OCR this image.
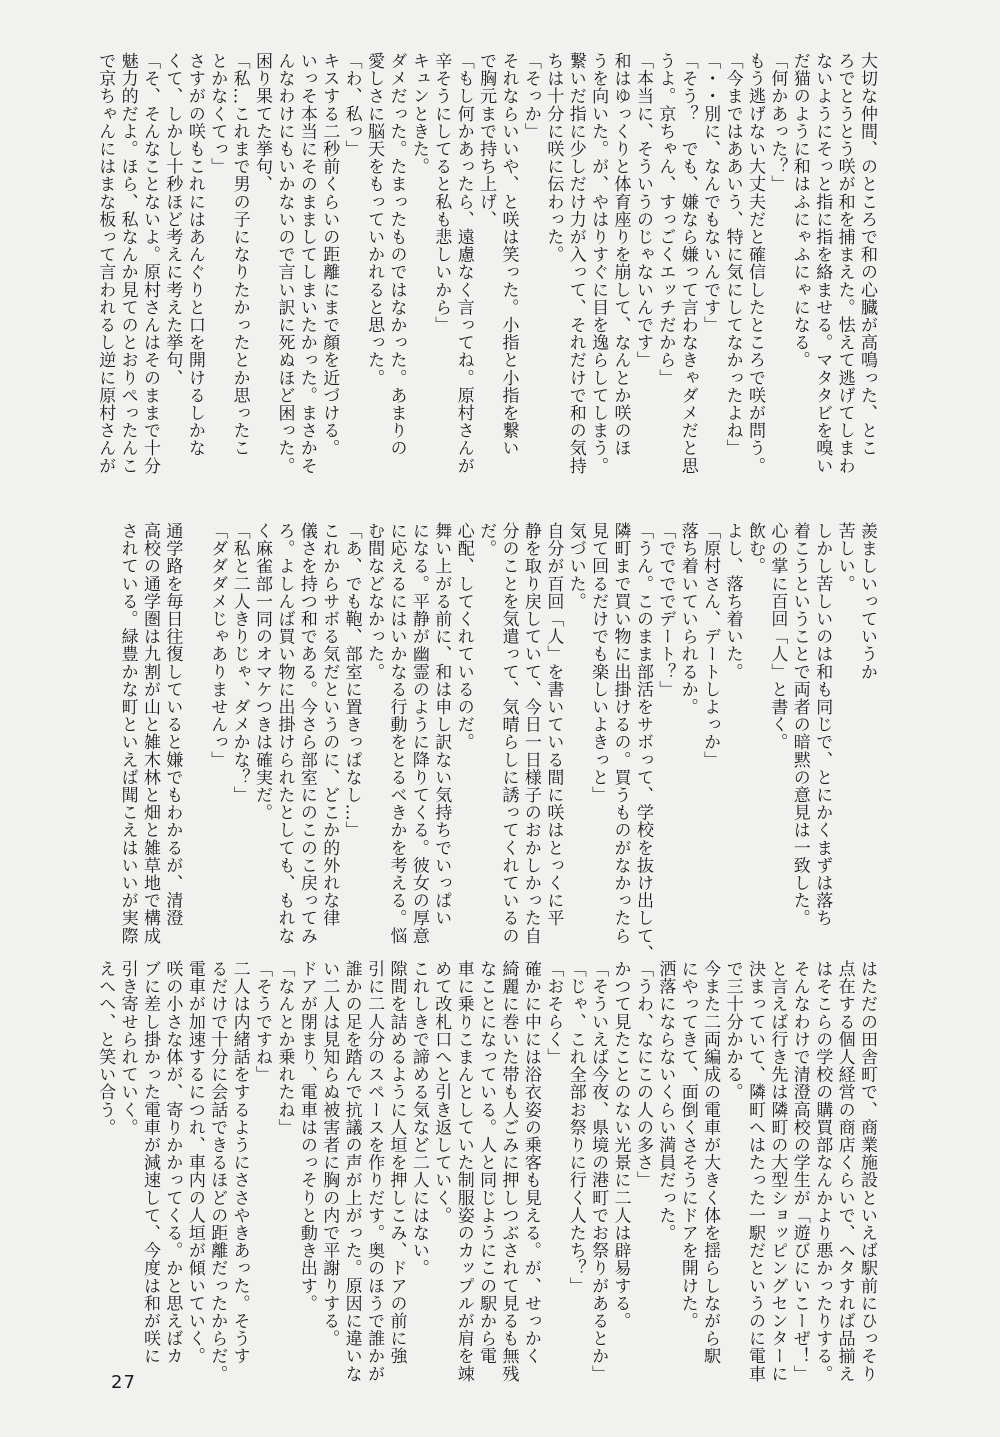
大切な仲間、のところで和の心臓が高鳴った、とこ
ろでとうとう咲が和を捕まえた。怯えて逃げてしまわ
ないようにそっと指に指を絡ませる。マタタビを嗅い
だ猫のように和はふにゃふにゃになる。
「何かあった？」
もう逃げない大丈夫だと確信したところで咲が問う。
「今まではああいう、特に気にしてなかったよね」
「・・別に、なんでもないんです」
「そう？　でも、嫌なら嫌って言わなきゃダメだと思
うよ。京ちゃん、すっごくエッチだから」
「本当に、そういうのじゃないんです」
和はゆっくりと体育座りを崩して、なんとか咲のほ
うを向いた。が、やはりすぐに目を逸らしてしまう。
繋いだ指に少しだけ力が入って、それだけで和の気持
ちは十分に咲に伝わった。
「そっか」
それならいいや、と咲は笑った。小指と小指を繋い
で胸元まで持ち上げ、
「もし何かあったら、遠慮なく言ってね。原村さんが
辛そうにしてると私も悲しいから」
キュンときた。
ダメだった。たまったものではなかった。あまりの
愛しさに脳天をもっていかれると思った。
「わ、私っ」
キスする二秒前くらいの距離にまで顔を近づける。
いっそ本当にそのまましてしまいたかった。まさかそ
んなわけにもいかないので言い訳に死ぬほど困った。
困り果てた挙句、
「私…これまで男の子になりたかったとか思ったこ
とかなくてっ」
さすがの咲もこれにはあんぐりと口を開けるしかな
くて、しかし十秒ほど考えに考えた挙句、
「そ、そんなことないよ。原村さんはそのままで十分
魅力的だよ。ほら、私なんか見てのとおりぺったんこ
で京ちゃんにはまな板って言われるし逆に原村さんが
羨ましいっていうか
苦しい。
しかし苦しいのは和も同じで、とにかくまずは落ち
着こうということで両者の暗黙の意見は一致した。
心の掌に百回「人」と書く。
飲む。
よし、落ち着いた。
「原村さん、デートしよっか」
落ち着いていられるか。
「ででででデート？」
「うん。このまま部活をサボって、学校を抜け出して、
隣町まで買い物に出掛けるの。買うものがなかったら
見て回るだけでも楽しいよきっと」
気づいた。
自分が百回「人」を書いている間に咲はとっくに平
静を取り戻していて、今日一日様子のおかしかった自
分のことを気遣って、気晴らしに誘ってくれているの
だ。
心配、してくれているのだ。
舞い上がる前に、和は申し訳ない気持ちでいっぱい
になる。平静が幽霊のように降りてくる。彼女の厚意
に応えるにはいかなる行動をとるべきかを考える。悩
む間などなかった。
「あ、でも鞄、部室に置きっぱなし…」
これからサボる気だというのに、どこか的外れな律
儀さを持つ和である。今さら部室にのこのこ戻ってみ
ろ。よしんば買い物に出掛けられたとしても、もれな
く麻雀部一同のオマケつきは確実だ。
「私と二人きりじゃ、ダメかな？」
「ダダダメじゃありませんっ」

通学路を毎日往復していると嫌でもわかるが、清澄
高校の通学圏は九割が山と雑木林と畑と雑草地で構成
されている。緑豊かな町といえば聞こえはいいが実際
はただの田舎町で、商業施設といえば駅前にひっそり
点在する個人経営の商店くらいで、ヘタすれば品揃え
はそこらの学校の購買部なんかより悪かったりする。
そんなわけで清澄高校の学生が「遊びにいこーぜ！」
と言えば行き先は隣町の大型ショッピングセンターに
決まっていて、隣町へはたった一駅だというのに電車
で三十分かかる。
今また二両編成の電車が大きく体を揺らしながら駅
にやってきて、面倒くさそうにドアを開けた。
洒落にならないくらい満員だった。
「うわ、なにこの人の多さ」
かつて見たことのない光景に二人は辟易する。
「そういえば今夜、県境の港町でお祭りがあるとか」
「じゃ、これ全部お祭りに行く人たち？」
「おそらく」
確かに中には浴衣姿の乗客も見える。が、せっかく
綺麗に巻いた帯も人ごみに押しつぶされて見るも無残
なことになっている。人と同じようにこの駅から電
車に乗りこまんとしていた制服姿のカップルが肩を竦
めて改札口へと引き返していく。
これしきで諦める気など二人にはない。
隙間を詰めるように人垣を押しこみ、ドアの前に強
引に二人分のスペースを作りだす。奥のほうで誰かが
誰かの足を踏んで抗議の声が上がった。原因に違いな
い二人は見知らぬ被害者に胸の内で平謝りする。
ドアが閉まり、電車はのっそりと動き出す。
「なんとか乗れたね」
「そうですね」
二人は内緒話をするようにささやきあった。そうす
るだけで十分に会話できるほどの距離だったからだ。
電車が加速するにつれ、車内の人垣が傾いていく。
咲の小さな体が、寄りかかってくる。かと思えばカ
ブに差し掛かった電車が減速して、今度は和が咲に
引き寄せられていく。
えへへ、と笑い合う。
27
